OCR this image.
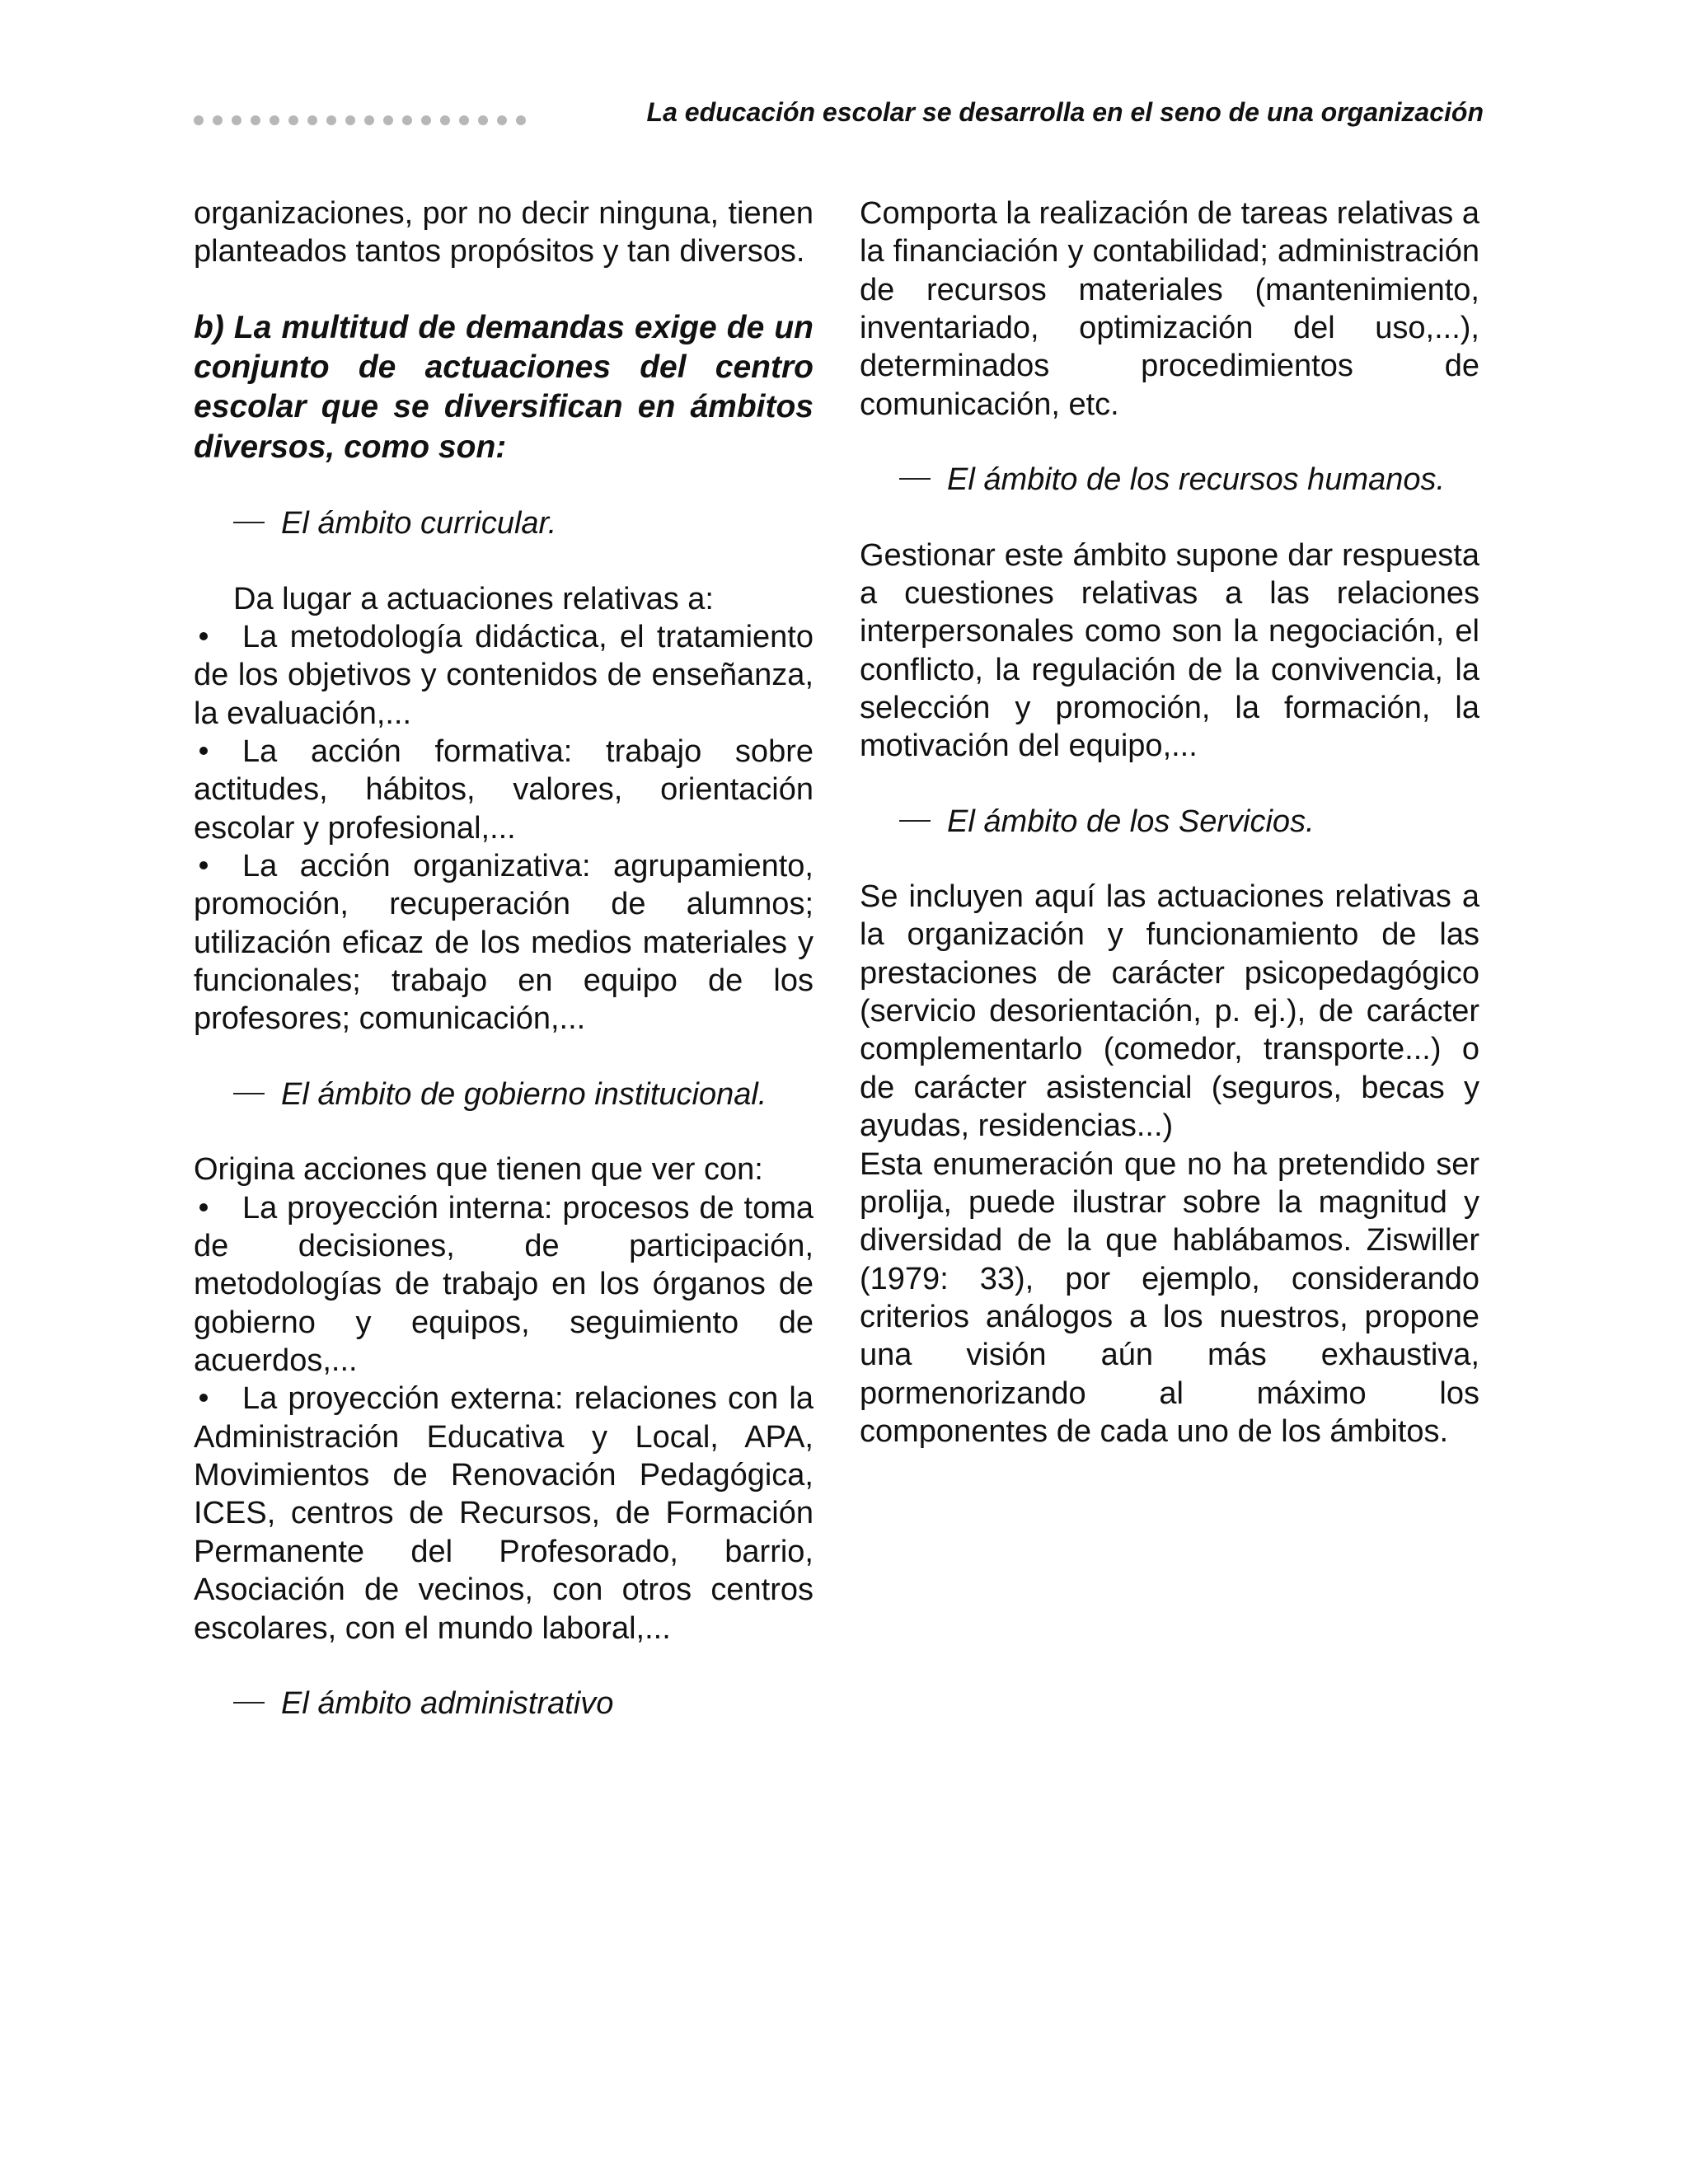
La educación escolar se desarrolla en el seno de una organización

organizaciones, por no decir ninguna, tienen planteados tantos propósitos y tan diversos.

b) La multitud de demandas exige de un conjunto de actuaciones del centro escolar que se diversifican en ámbitos diversos, como son:

El ámbito curricular.

Da lugar a actuaciones relativas a:

La metodología didáctica, el tratamiento de los objetivos y contenidos de enseñanza, la evaluación,...
La acción formativa: trabajo sobre actitudes, hábitos, valores, orientación escolar y profesional,...
La acción organizativa: agrupamiento, promoción, recuperación de alumnos; utilización eficaz de los medios materiales y funcionales; trabajo en equipo de los profesores; comunicación,...

El ámbito de gobierno institucional.

Origina acciones que tienen que ver con:

La proyección interna: procesos de toma de decisiones, de participación, metodologías de trabajo en los órganos de gobierno y equipos, seguimiento de acuerdos,...
La proyección externa: relaciones con la Administración Educativa y Local, APA, Movimientos de Renovación Pedagógica, ICES, centros de Recursos, de Formación Permanente del Profesorado, barrio, Asociación de vecinos, con otros centros escolares, con el mundo laboral,...

El ámbito administrativo

Comporta la realización de tareas relativas a la financiación y contabilidad; administración de recursos materiales (mantenimiento, inventariado, optimización del uso,...), determinados procedimientos de comunicación, etc.

El ámbito de los recursos humanos.

Gestionar este ámbito supone dar respuesta a cuestiones relativas a las relaciones interpersonales como son la negociación, el conflicto, la regulación de la convivencia, la selección y promoción, la formación, la motivación del equipo,...

El ámbito de los Servicios.

Se incluyen aquí las actuaciones relativas a la organización y funcionamiento de las prestaciones de carácter psicopedagógico (servicio desorientación, p. ej.), de carácter complementarlo (comedor, transporte...) o de carácter asistencial (seguros, becas y ayudas, residencias...)

Esta enumeración que no ha pretendido ser prolija, puede ilustrar sobre la magnitud y diversidad de la que hablábamos. Ziswiller (1979: 33), por ejemplo, considerando criterios análogos a los nuestros, propone una visión aún más exhaustiva, pormenorizando al máximo los componentes de cada uno de los ámbitos.
